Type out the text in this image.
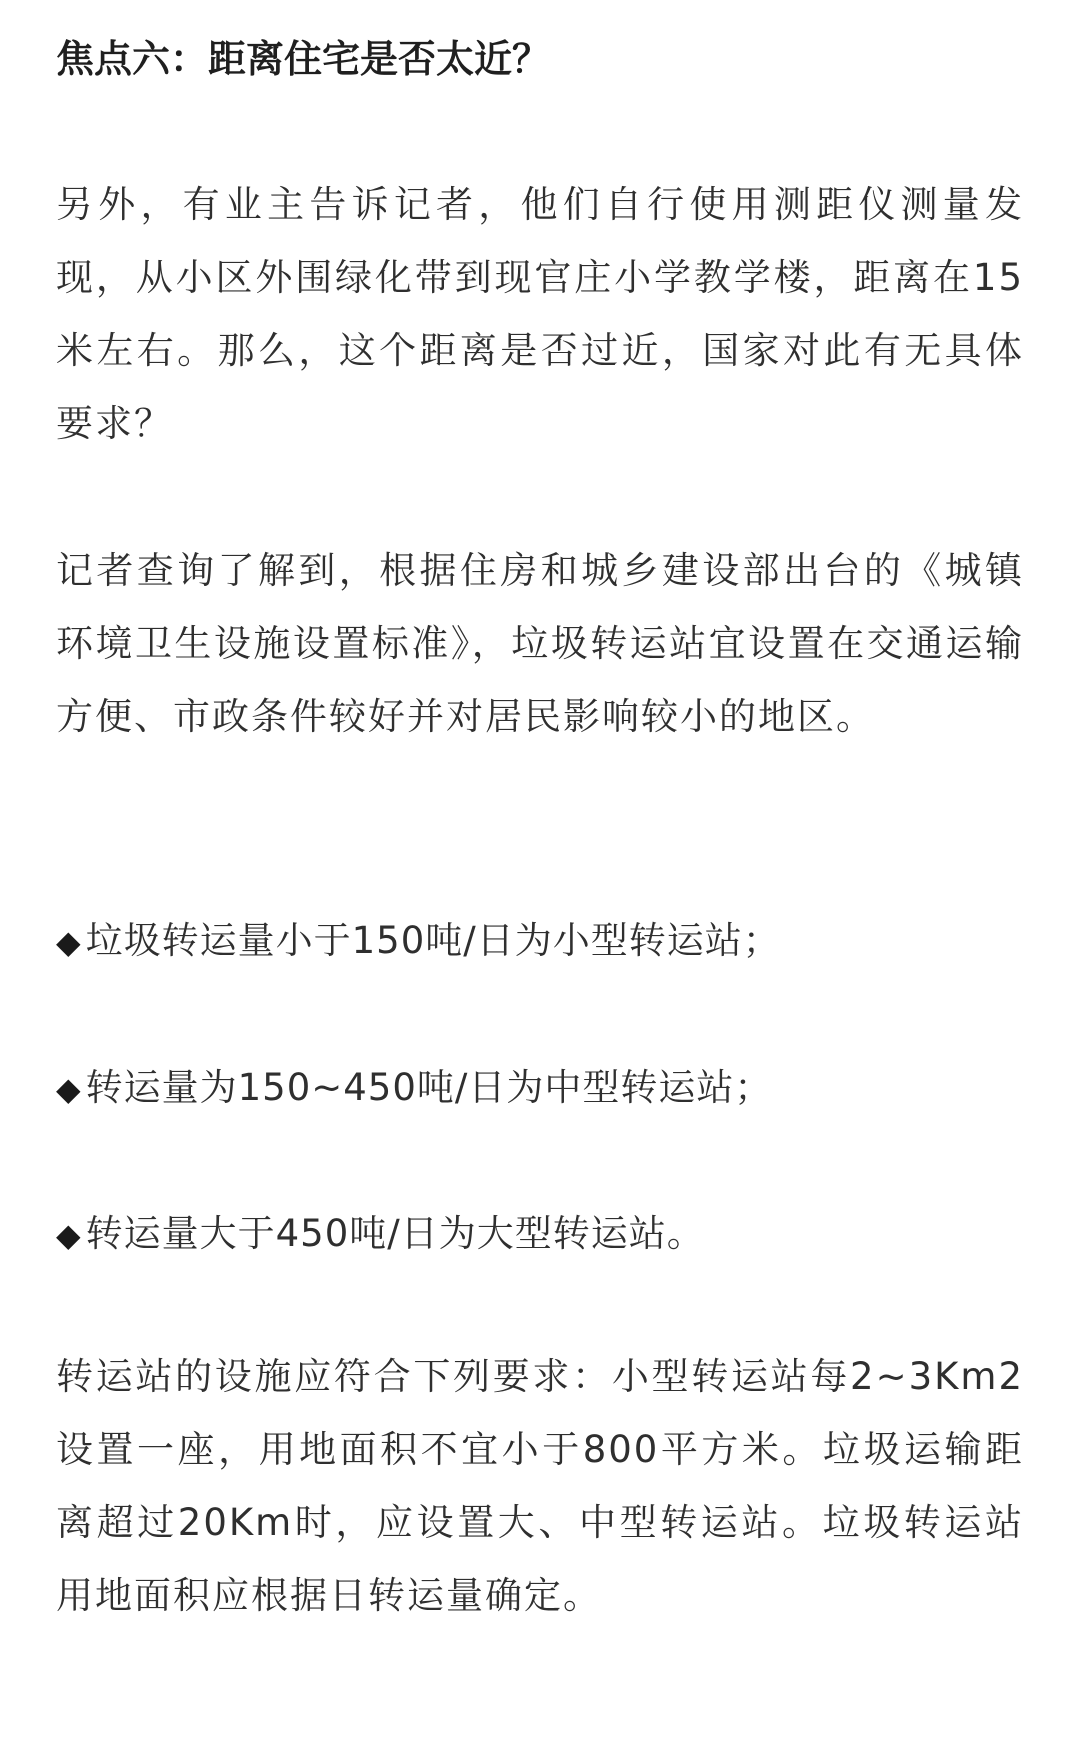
焦点六：距离住宅是否太近？

另外，有业主告诉记者，他们自行使用测距仪测量发现，从小区外围绿化带到现官庄小学教学楼，距离在15米左右。那么，这个距离是否过近，国家对此有无具体要求？

记者查询了解到，根据住房和城乡建设部出台的《城镇环境卫生设施设置标准》，垃圾转运站宜设置在交通运输方便、市政条件较好并对居民影响较小的地区。

◆ 垃圾转运量小于150吨/日为小型转运站；

◆ 转运量为150~450吨/日为中型转运站；

◆ 转运量大于450吨/日为大型转运站。

转运站的设施应符合下列要求：小型转运站每2~3Km2设置一座，用地面积不宜小于800平方米。垃圾运输距离超过20Km时，应设置大、中型转运站。垃圾转运站用地面积应根据日转运量确定。
